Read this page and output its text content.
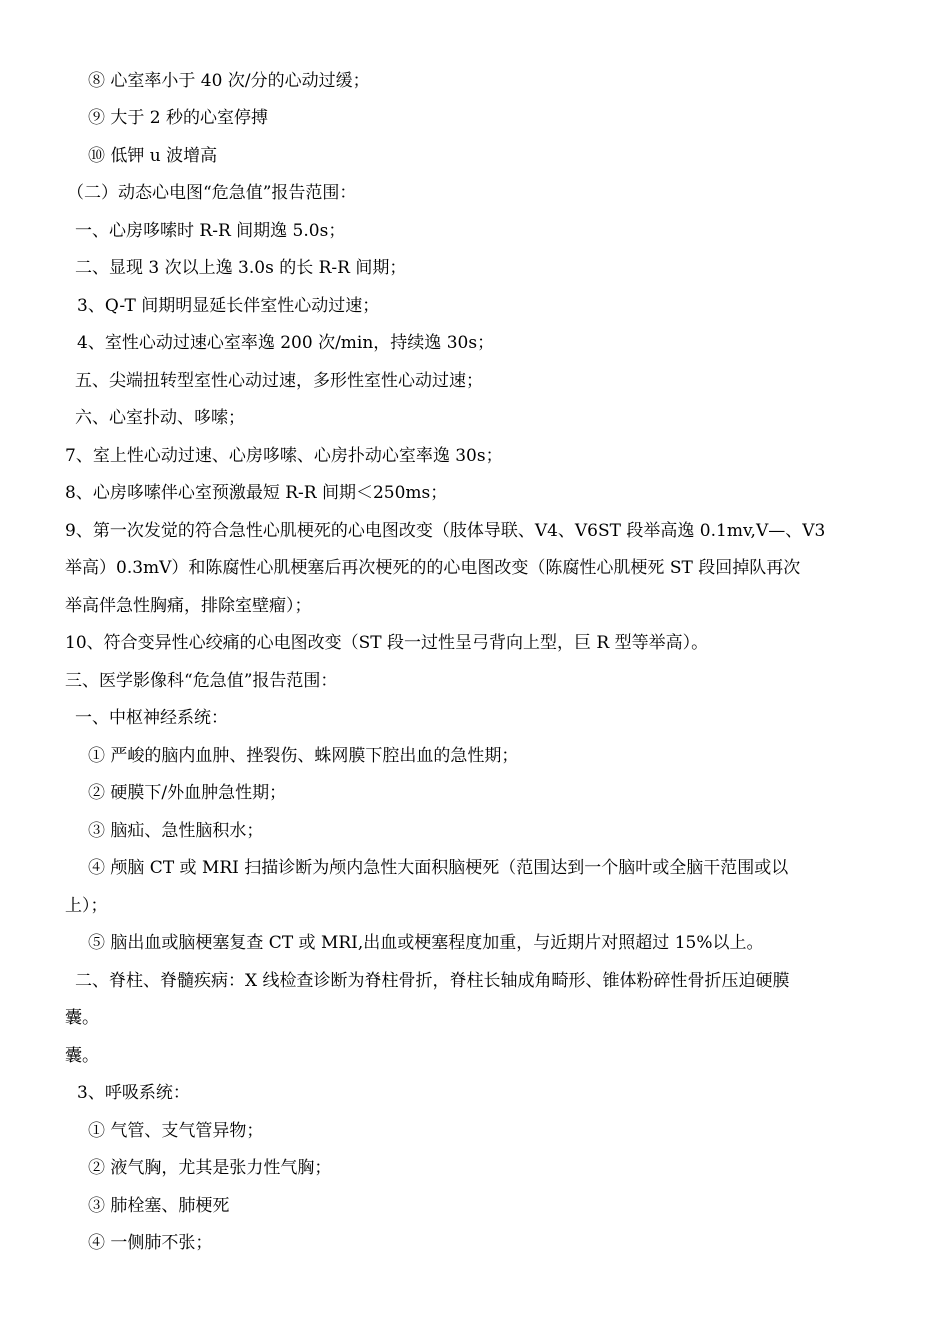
⑧ 心室率小于 40 次/分的心动过缓；
⑨ 大于 2 秒的心室停搏
⑩ 低钾 u 波增高
（二）动态心电图“危急值”报告范围：
一、心房哆嗦时 R-R 间期逸 5.0s；
二、显现 3 次以上逸 3.0s 的长 R-R 间期；
3、Q-T 间期明显延长伴室性心动过速；
4、室性心动过速心室率逸 200 次/min，持续逸 30s；
五、尖端扭转型室性心动过速，多形性室性心动过速；
六、心室扑动、哆嗦；
7、室上性心动过速、心房哆嗦、心房扑动心室率逸 30s；
8、心房哆嗦伴心室预激最短 R-R 间期＜250ms；
9、第一次发觉的符合急性心肌梗死的心电图改变（肢体导联、V4、V6ST 段举高逸 0.1mv,V—、V3
举高）0.3mV）和陈腐性心肌梗塞后再次梗死的的心电图改变（陈腐性心肌梗死 ST 段回掉队再次
举高伴急性胸痛，排除室壁瘤）；
10、符合变异性心绞痛的心电图改变（ST 段一过性呈弓背向上型，巨 R 型等举高）。
三、医学影像科“危急值”报告范围：
一、中枢神经系统：
① 严峻的脑内血肿、挫裂伤、蛛网膜下腔出血的急性期；
② 硬膜下/外血肿急性期；
③ 脑疝、急性脑积水；
④ 颅脑 CT 或 MRI 扫描诊断为颅内急性大面积脑梗死（范围达到一个脑叶或全脑干范围或以
上）；
⑤ 脑出血或脑梗塞复查 CT 或 MRI,出血或梗塞程度加重，与近期片对照超过 15%以上。
二、脊柱、脊髓疾病：X 线检查诊断为脊柱骨折，脊柱长轴成角畸形、锥体粉碎性骨折压迫硬膜
囊。
囊。
3、呼吸系统：
① 气管、支气管异物；
② 液气胸，尤其是张力性气胸；
③ 肺栓塞、肺梗死
④ 一侧肺不张；
